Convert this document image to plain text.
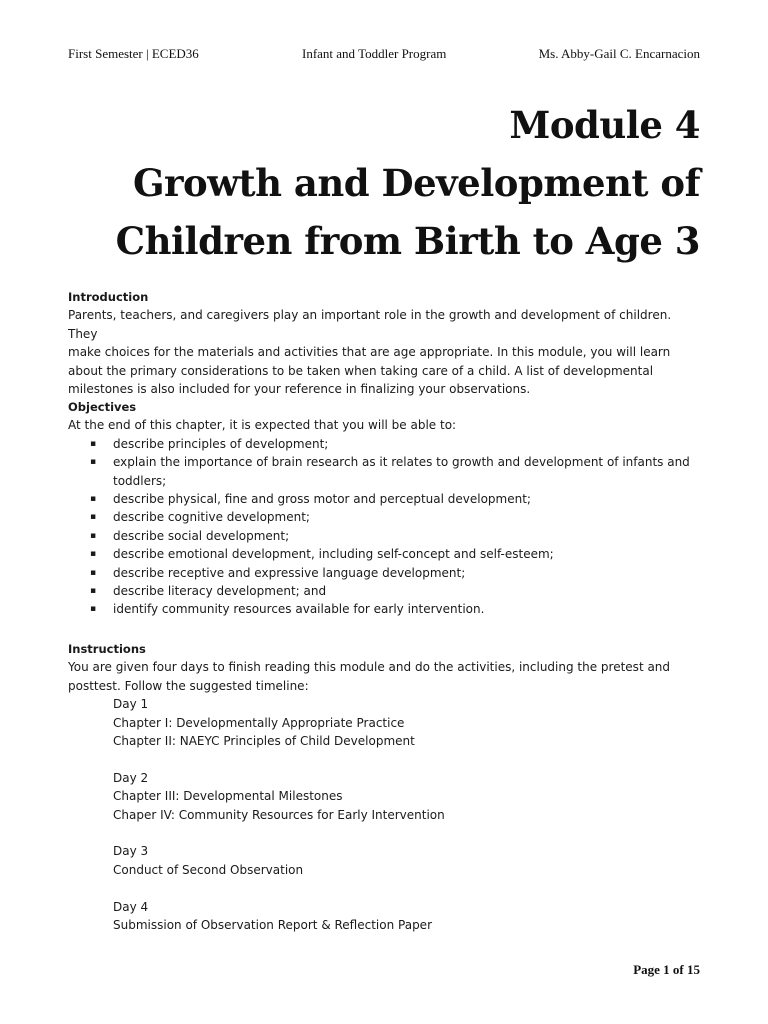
First Semester | ECED36	Infant and Toddler Program	Ms. Abby-Gail C. Encarnacion
Module 4
Growth and Development of
Children from Birth to Age 3
Introduction
Parents, teachers, and caregivers play an important role in the growth and development of children. They
make choices for the materials and activities that are age appropriate. In this module, you will learn
about the primary considerations to be taken when taking care of a child. A list of developmental
milestones is also included for your reference in finalizing your observations.
Objectives
At the end of this chapter, it is expected that you will be able to:
▪ describe principles of development;
▪ explain the importance of brain research as it relates to growth and development of infants and
toddlers;
▪ describe physical, fine and gross motor and perceptual development;
▪ describe cognitive development;
▪ describe social development;
▪ describe emotional development, including self-concept and self-esteem;
▪ describe receptive and expressive language development;
▪ describe literacy development; and
▪ identify community resources available for early intervention.
Instructions
You are given four days to finish reading this module and do the activities, including the pretest and
posttest. Follow the suggested timeline:
Day 1
Chapter I: Developmentally Appropriate Practice
Chapter II: NAEYC Principles of Child Development
Day 2
Chapter III: Developmental Milestones
Chaper IV: Community Resources for Early Intervention
Day 3
Conduct of Second Observation
Day 4
Submission of Observation Report & Reflection Paper
Page 1 of 15
